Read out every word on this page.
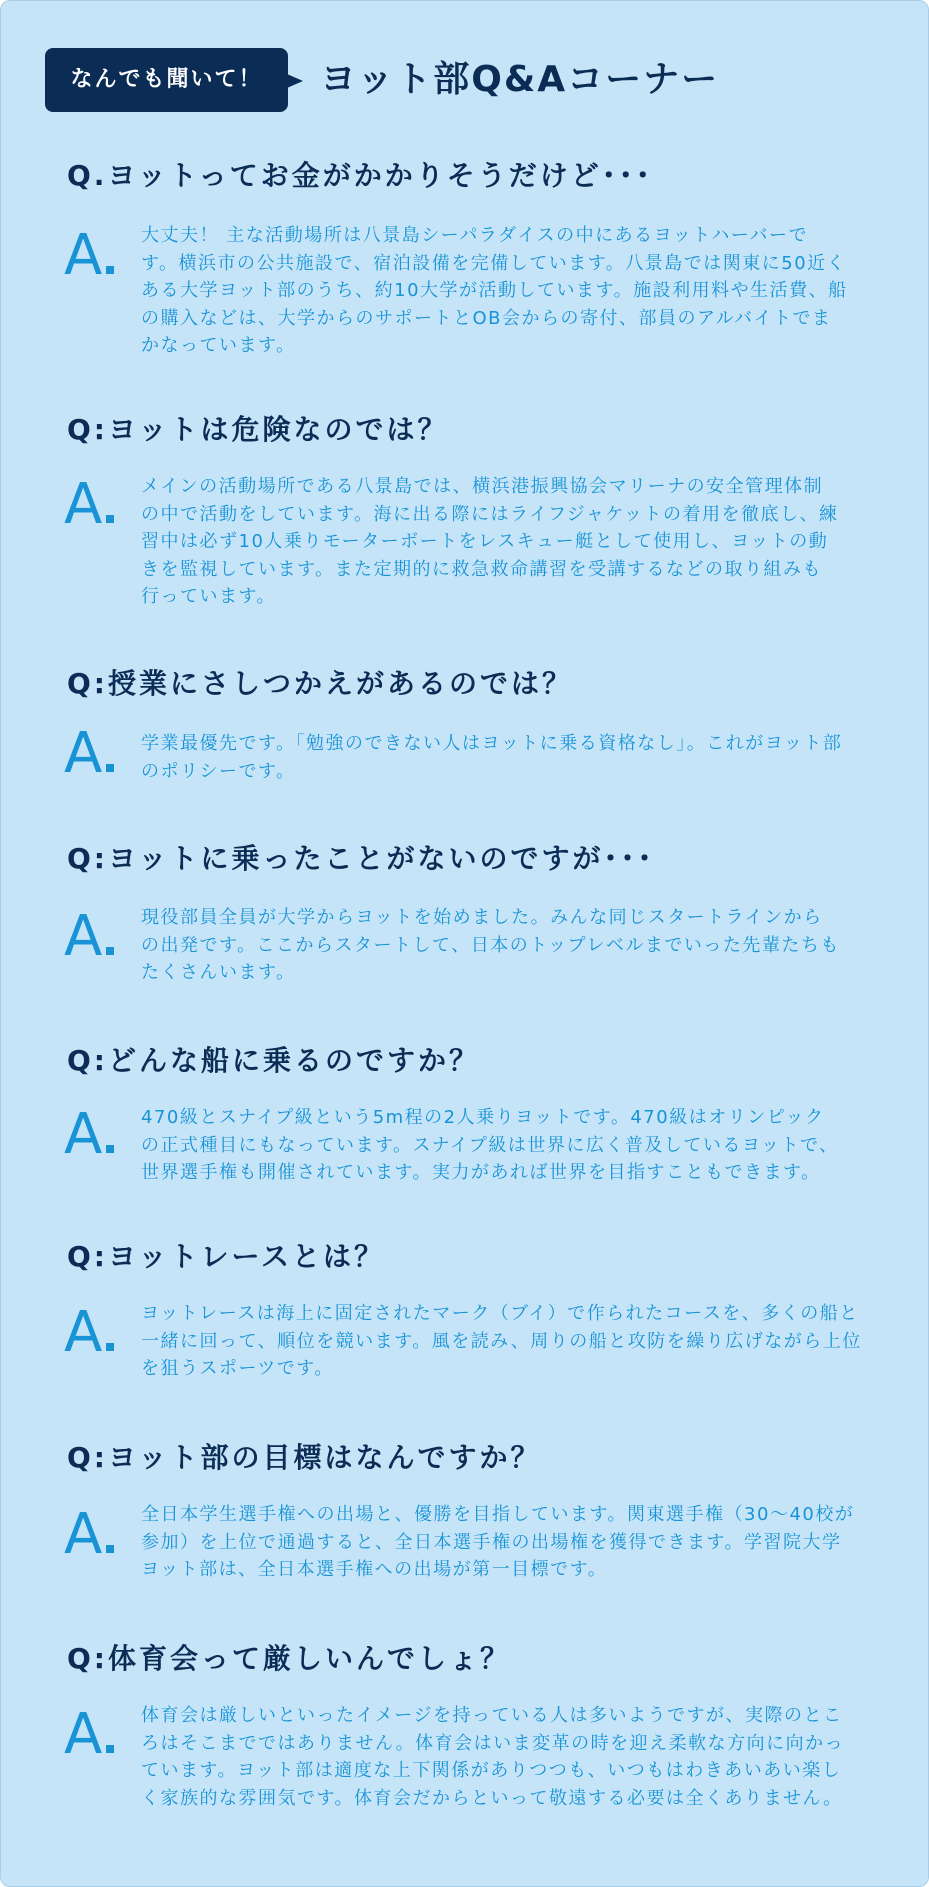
なんでも聞いて！	ヨット部Q&Aコーナー
Q.ヨットってお金がかかりそうだけど･･･
A	大丈夫！ 主な活動場所は八景島シーパラダイスの中にあるヨットハーバーで
す。横浜市の公共施設で、宿泊設備を完備しています。八景島では関東に50近く
ある大学ヨット部のうち、約10大学が活動しています。施設利用料や生活費、船
の購入などは、大学からのサポートとOB会からの寄付、部員のアルバイトでま
かなっています。
Q:ヨットは危険なのでは？
A	メインの活動場所である八景島では、横浜港振興協会マリーナの安全管理体制
の中で活動をしています。海に出る際にはライフジャケットの着用を徹底し、練
習中は必ず10人乗りモーターボートをレスキュー艇として使用し、ヨットの動
きを監視しています。また定期的に救急救命講習を受講するなどの取り組みも
行っています。
Q:授業にさしつかえがあるのでは？
A	学業最優先です。「勉強のできない人はヨットに乗る資格なし」。これがヨット部
のポリシーです。
Q:ヨットに乗ったことがないのですが･･･
A	現役部員全員が大学からヨットを始めました。みんな同じスタートラインから
の出発です。ここからスタートして、日本のトップレベルまでいった先輩たちも
たくさんいます。
Q:どんな船に乗るのですか？
A	470級とスナイプ級という5m程の2人乗りヨットです。470級はオリンピック
の正式種目にもなっています。スナイプ級は世界に広く普及しているヨットで、
世界選手権も開催されています。実力があれば世界を目指すこともできます。
Q:ヨットレースとは？
A	ヨットレースは海上に固定されたマーク（ブイ）で作られたコースを、多くの船と
一緒に回って、順位を競います。風を読み、周りの船と攻防を繰り広げながら上位
を狙うスポーツです。
Q:ヨット部の目標はなんですか？
A	全日本学生選手権への出場と、優勝を目指しています。関東選手権（30〜40校が
参加）を上位で通過すると、全日本選手権の出場権を獲得できます。学習院大学
ヨット部は、全日本選手権への出場が第一目標です。
Q:体育会って厳しいんでしょ？
A	体育会は厳しいといったイメージを持っている人は多いようですが、実際のとこ
ろはそこまでではありません。体育会はいま変革の時を迎え柔軟な方向に向かっ
ています。ヨット部は適度な上下関係がありつつも、いつもはわきあいあい楽し
く家族的な雰囲気です。体育会だからといって敬遠する必要は全くありません。
